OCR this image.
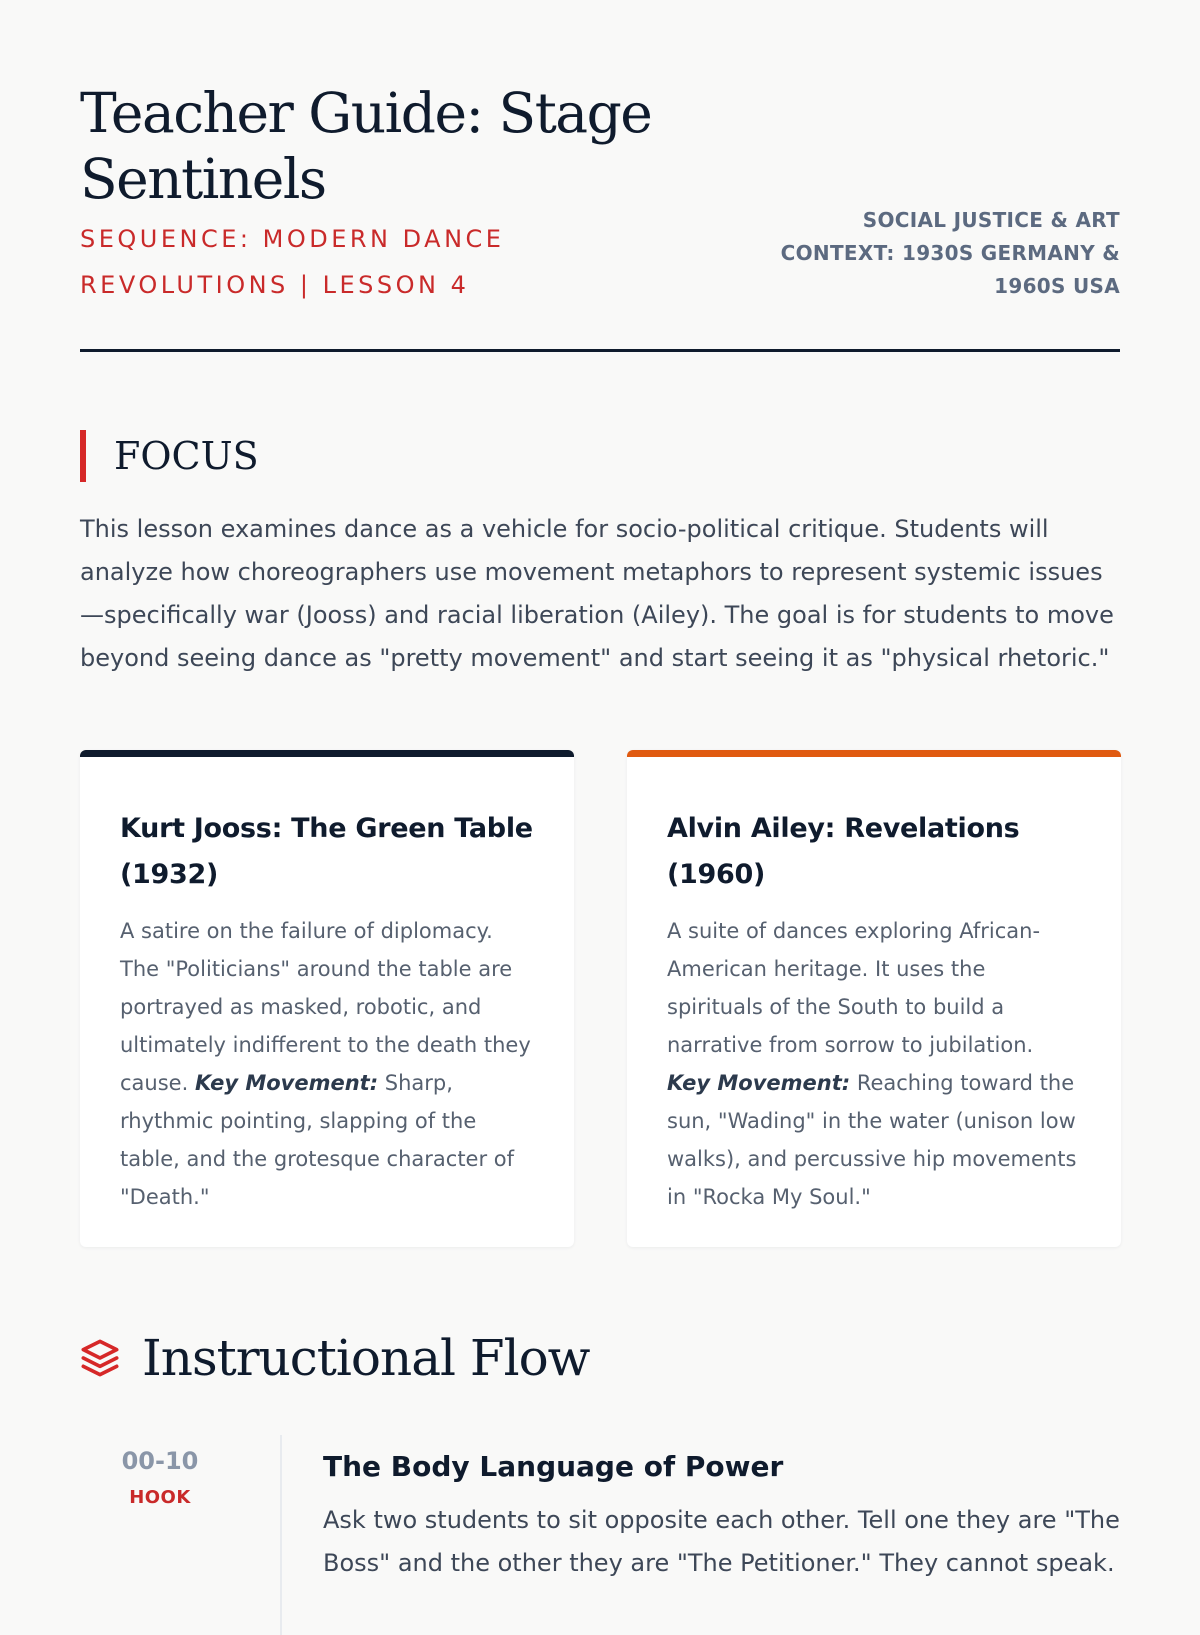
Teacher Guide: Stage Sentinels
SEQUENCE: MODERN DANCE REVOLUTIONS | LESSON 4
SOCIAL JUSTICE & ART
CONTEXT: 1930S GERMANY & 1960S USA
FOCUS

This lesson examines dance as a vehicle for socio-political critique. Students will analyze how choreographers use movement metaphors to represent systemic issues—specifically war (Jooss) and racial liberation (Ailey). The goal is for students to move beyond seeing dance as "pretty movement" and start seeing it as "physical rhetoric."

Kurt Jooss: The Green Table (1932)

A satire on the failure of diplomacy. The "Politicians" around the table are portrayed as masked, robotic, and ultimately indifferent to the death they cause. Key Movement: Sharp, rhythmic pointing, slapping of the table, and the grotesque character of "Death."

Alvin Ailey: Revelations (1960)

A suite of dances exploring African-American heritage. It uses the spirituals of the South to build a narrative from sorrow to jubilation. Key Movement: Reaching toward the sun, "Wading" in the water (unison low walks), and percussive hip movements in "Rocka My Soul."

Instructional Flow
00-10
HOOK
The Body Language of Power

Ask two students to sit opposite each other. Tell one they are "The Boss" and the other they are "The Petitioner." They cannot speak.
